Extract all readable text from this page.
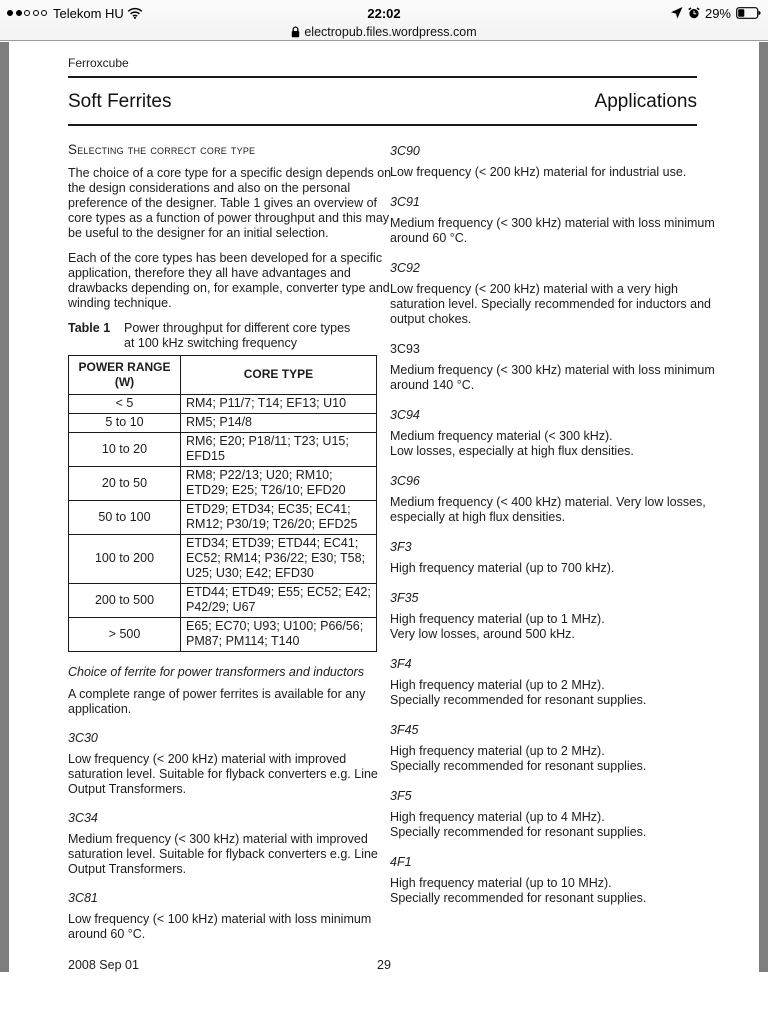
Telekom HU	22:02	29%
electropub.files.wordpress.com
Ferroxcube
Soft Ferrites	Applications
Selecting the correct core type
The choice of a core type for a specific design depends on
the design considerations and also on the personal
preference of the designer. Table 1 gives an overview of
core types as a function of power throughput and this may
be useful to the designer for an initial selection.
Each of the core types has been developed for a specific
application, therefore they all have advantages and
drawbacks depending on, for example, converter type and
winding technique.
Table 1	Power throughput for different core types
at 100 kHz switching frequency
POWER RANGE (W)	CORE TYPE
< 5	RM4; P11/7; T14; EF13; U10

5 to 10	RM5; P14/8

10 to 20	RM6; E20; P18/11; T23; U15;
EFD15

20 to 50	RM8; P22/13; U20; RM10;
ETD29; E25; T26/10; EFD20

50 to 100	ETD29; ETD34; EC35; EC41;
RM12; P30/19; T26/20; EFD25

100 to 200	ETD34; ETD39; ETD44; EC41;
EC52; RM14; P36/22; E30; T58;
U25; U30; E42; EFD30

200 to 500	ETD44; ETD49; E55; EC52; E42;
P42/29; U67

> 500	E65; EC70; U93; U100; P66/56;
PM87; PM114; T140
Choice of ferrite for power transformers and inductors
A complete range of power ferrites is available for any
application.
3C30
Low frequency (< 200 kHz) material with improved
saturation level. Suitable for flyback converters e.g. Line
Output Transformers.
3C34
Medium frequency (< 300 kHz) material with improved
saturation level. Suitable for flyback converters e.g. Line
Output Transformers.
3C81
Low frequency (< 100 kHz) material with loss minimum
around 60 °C.
3C90
Low frequency (< 200 kHz) material for industrial use.
3C91
Medium frequency (< 300 kHz) material with loss minimum
around 60 °C.
3C92
Low frequency (< 200 kHz) material with a very high
saturation level. Specially recommended for inductors and
output chokes.
3C93
Medium frequency (< 300 kHz) material with loss minimum
around 140 °C.
3C94
Medium frequency material (< 300 kHz).
Low losses, especially at high flux densities.
3C96
Medium frequency (< 400 kHz) material. Very low losses,
especially at high flux densities.
3F3
High frequency material (up to 700 kHz).
3F35
High frequency material (up to 1 MHz).
Very low losses, around 500 kHz.
3F4
High frequency material (up to 2 MHz).
Specially recommended for resonant supplies.
3F45
High frequency material (up to 2 MHz).
Specially recommended for resonant supplies.
3F5
High frequency material (up to 4 MHz).
Specially recommended for resonant supplies.
4F1
High frequency material (up to 10 MHz).
Specially recommended for resonant supplies.
2008 Sep 01	29
